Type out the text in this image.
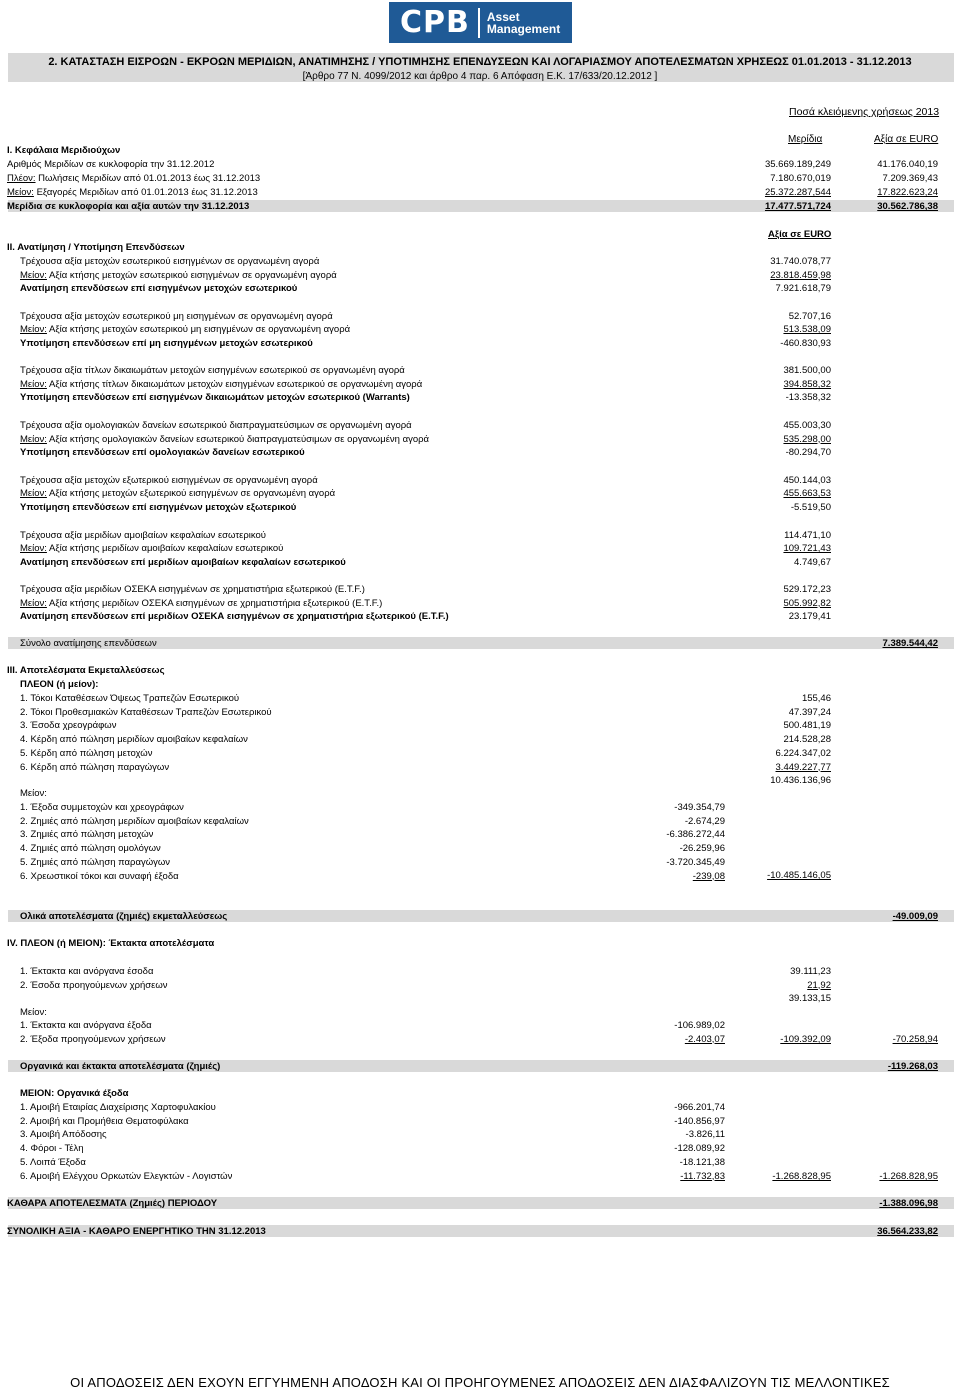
CPB Asset
Management
2. ΚΑΤΑΣΤΑΣΗ ΕΙΣΡΟΩΝ - ΕΚΡΟΩΝ ΜΕΡΙΔΙΩΝ, ΑΝΑΤΙΜΗΣΗΣ / ΥΠΟΤΙΜΗΣΗΣ ΕΠΕΝΔΥΣΕΩΝ ΚΑΙ ΛΟΓΑΡΙΑΣΜΟΥ ΑΠΟΤΕΛΕΣΜΑΤΩΝ ΧΡΗΣΕΩΣ 01.01.2013 - 31.12.2013
[Άρθρο 77 Ν. 4099/2012 και άρθρο 4 παρ. 6 Απόφαση Ε.Κ. 17/633/20.12.2012 ]
Ποσά κλειόμενης χρήσεως 2013
Ι. Κεφάλαια Μεριδιούχων
Μερίδια	Αξία σε EURO
Αριθμός Μεριδίων σε κυκλοφορία την 31.12.2012	35.669.189,249	41.176.040,19
Πλέον: Πωλήσεις Μεριδίων από 01.01.2013 έως 31.12.2013	7.180.670,019	7.209.369,43
Μείον: Εξαγορές Μεριδίων από 01.01.2013 έως 31.12.2013	25.372.287,544	17.822.623,24
Μερίδια σε κυκλοφορία και αξία αυτών την 31.12.2013	17.477.571,724	30.562.786,38
Αξία σε EURO
ΙΙ. Ανατίμηση / Υποτίμηση Επενδύσεων
Τρέχουσα αξία μετοχών εσωτερικού εισηγμένων σε οργανωμένη αγορά	31.740.078,77
Μείον: Αξία κτήσης μετοχών εσωτερικού εισηγμένων σε οργανωμένη αγορά	23.818.459,98
Ανατίμηση επενδύσεων επί εισηγμένων μετοχών εσωτερικού	7.921.618,79
Τρέχουσα αξία μετοχών εσωτερικού μη εισηγμένων σε οργανωμένη αγορά	52.707,16
Μείον: Αξία κτήσης μετοχών εσωτερικού μη εισηγμένων σε οργανωμένη αγορά	513.538,09
Υποτίμηση επενδύσεων επί μη εισηγμένων μετοχών εσωτερικού	-460.830,93
Τρέχουσα αξία τίτλων δικαιωμάτων μετοχών εισηγμένων εσωτερικού σε οργανωμένη αγορά	381.500,00
Μείον: Αξία κτήσης τίτλων δικαιωμάτων μετοχών εισηγμένων εσωτερικού σε οργανωμένη αγορά	394.858,32
Υποτίμηση επενδύσεων επί εισηγμένων δικαιωμάτων μετοχών εσωτερικού (Warrants)	-13.358,32
Τρέχουσα αξία ομολογιακών δανείων εσωτερικού διαπραγματεύσιμων σε οργανωμένη αγορά	455.003,30
Μείον: Αξία κτήσης ομολογιακών δανείων εσωτερικού διαπραγματεύσιμων σε οργανωμένη αγορά	535.298,00
Υποτίμηση επενδύσεων επί ομολογιακών δανείων εσωτερικού	-80.294,70
Τρέχουσα αξία μετοχών εξωτερικού εισηγμένων σε οργανωμένη αγορά	450.144,03
Μείον: Αξία κτήσης μετοχών εξωτερικού εισηγμένων σε οργανωμένη αγορά	455.663,53
Υποτίμηση επενδύσεων επί εισηγμένων μετοχών εξωτερικού	-5.519,50
Τρέχουσα αξία μεριδίων αμοιβαίων κεφαλαίων εσωτερικού	114.471,10
Μείον: Αξία κτήσης μεριδίων αμοιβαίων κεφαλαίων εσωτερικού	109.721,43
Ανατίμηση επενδύσεων επί μεριδίων αμοιβαίων κεφαλαίων εσωτερικού	4.749,67
Τρέχουσα αξία μεριδίων ΟΣΕΚΑ εισηγμένων σε χρηματιστήρια εξωτερικού (Ε.Τ.F.)	529.172,23
Μείον: Αξία κτήσης μεριδίων ΟΣΕΚΑ εισηγμένων σε χρηματιστήρια εξωτερικού (Ε.Τ.F.)	505.992,82
Ανατίμηση επενδύσεων επί μεριδίων ΟΣΕΚΑ εισηγμένων σε χρηματιστήρια εξωτερικού (Ε.Τ.F.)	23.179,41
Σύνολο ανατίμησης επενδύσεων	7.389.544,42
ΙΙΙ. Αποτελέσματα Εκμεταλλεύσεως
ΠΛΕΟΝ (ή μείον):
1. Τόκοι Καταθέσεων Όψεως Τραπεζών Εσωτερικού	155,46
2. Τόκοι Προθεσμιακών Καταθέσεων Τραπεζών Εσωτερικού	47.397,24
3. Έσοδα χρεογράφων	500.481,19
4. Κέρδη από πώληση μεριδίων αμοιβαίων κεφαλαίων	214.528,28
5. Κέρδη από πώληση μετοχών	6.224.347,02
6. Κέρδη από πώληση παραγώγων	3.449.227,77
10.436.136,96
Μείον:
1. Έξοδα συμμετοχών και χρεογράφων	-349.354,79
2. Ζημιές από πώληση μεριδίων αμοιβαίων κεφαλαίων	-2.674,29
3. Ζημιές από πώληση μετοχών	-6.386.272,44
4. Ζημιές από πώληση ομολόγων	-26.259,96
5. Ζημιές από πώληση παραγώγων	-3.720.345,49
6. Χρεωστικοί τόκοι και συναφή έξοδα	-239,08	-10.485.146,05
Ολικά αποτελέσματα (ζημιές) εκμεταλλεύσεως	-49.009,09
ΙV. ΠΛΕΟΝ (ή ΜΕΙΟΝ): Έκτακτα αποτελέσματα
1. Έκτακτα και ανόργανα έσοδα	39.111,23
2. Έσοδα προηγούμενων χρήσεων	21,92
39.133,15
Μείον:
1. Έκτακτα και ανόργανα έξοδα	-106.989,02
2. Έξοδα προηγούμενων χρήσεων	-2.403,07	-109.392,09	-70.258,94
Οργανικά και έκτακτα αποτελέσματα (ζημιές)	-119.268,03
ΜΕΙΟΝ: Οργανικά έξοδα
1. Αμοιβή Εταιρίας Διαχείρισης Χαρτοφυλακίου	-966.201,74
2. Αμοιβή και Προμήθεια Θεματοφύλακα	-140.856,97
3. Αμοιβή Απόδοσης	-3.826,11
4. Φόροι - Τέλη	-128.089,92
5. Λοιπά Έξοδα	-18.121,38
6. Αμοιβή Ελέγχου Ορκωτών Ελεγκτών - Λογιστών	-11.732,83	-1.268.828,95	-1.268.828,95
ΚΑΘΑΡΑ ΑΠΟΤΕΛΕΣΜΑΤΑ (Ζημιές) ΠΕΡΙΟΔΟΥ	-1.388.096,98
ΣΥΝΟΛΙΚΗ ΑΞΙΑ - ΚΑΘΑΡΟ ΕΝΕΡΓΗΤΙΚΟ ΤΗΝ 31.12.2013	36.564.233,82
ΟΙ ΑΠΟΔΟΣΕΙΣ ΔΕΝ ΕΧΟΥΝ ΕΓΓΥΗΜΕΝΗ ΑΠΟΔΟΣΗ ΚΑΙ ΟΙ ΠΡΟΗΓΟΥΜΕΝΕΣ ΑΠΟΔΟΣΕΙΣ ΔΕΝ ΔΙΑΣΦΑΛΙΖΟΥΝ ΤΙΣ ΜΕΛΛΟΝΤΙΚΕΣ
